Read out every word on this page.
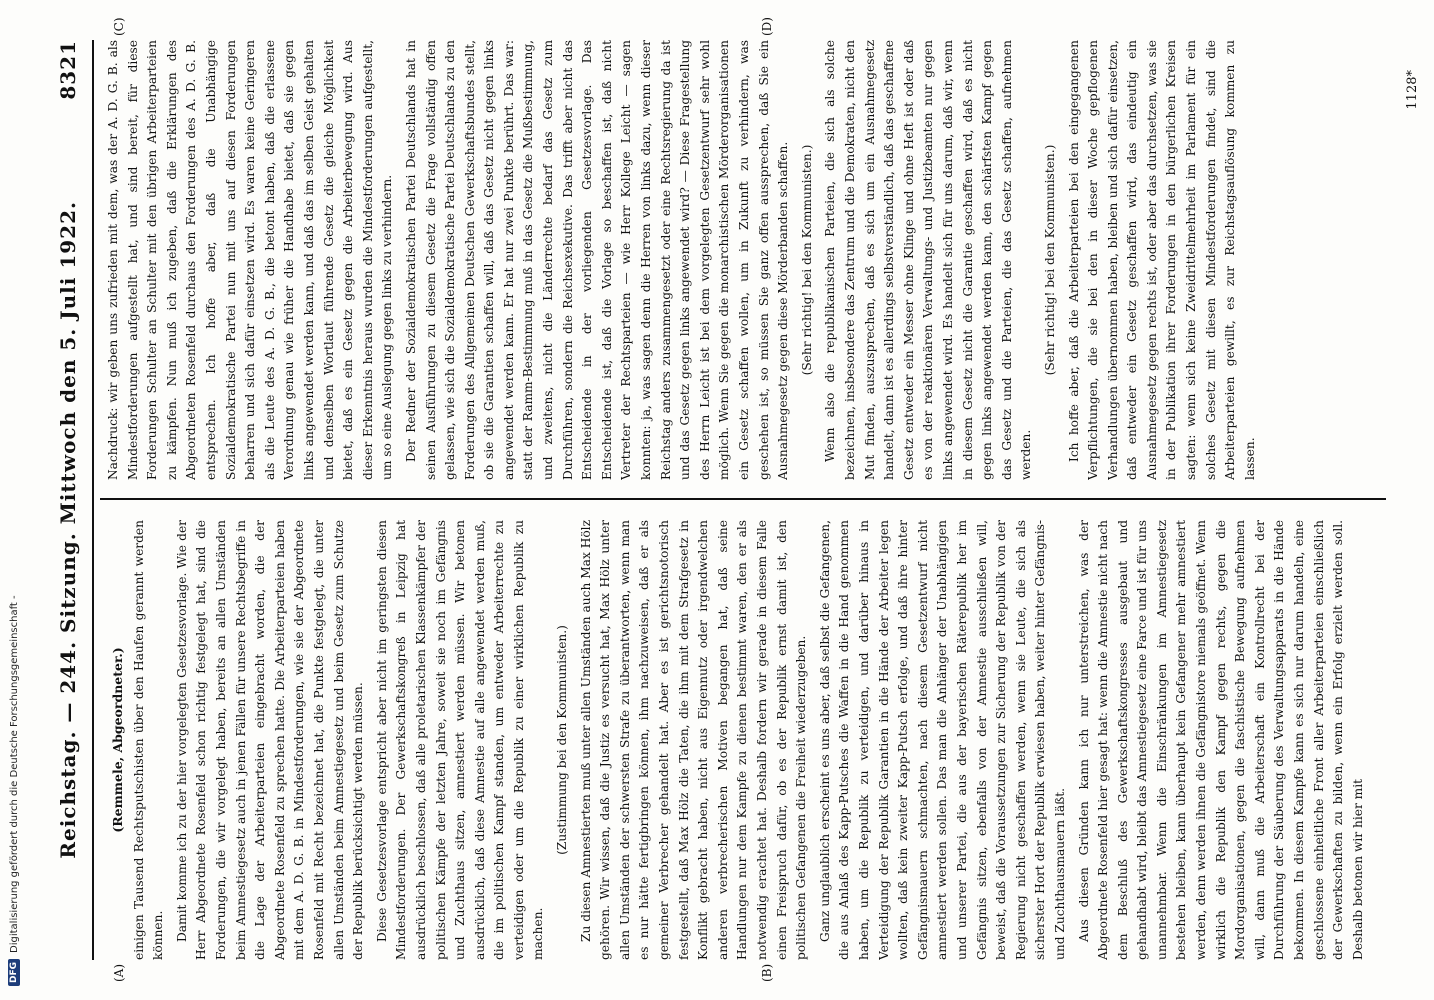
DFG
Digitalisierung gefördert durch die Deutsche Forschungsgemeinschaft - Reichstag. — 244. Sitzung. Mittwoch den 5. Juli 1922.
8321
(A)	(B)
(C)	(D)
(Remmele, Abgeordneter.) einigen Tausend Rechtsputschisten über den Haufen gerannt werden können. Damit komme ich zu der hier vorgelegten Gesetzesvorlage. Wie der Herr Abgeordnete Rosenfeld schon richtig festgelegt hat, sind die Forderungen, die wir vorgelegt haben, bereits an allen Umständen beim Amnestiegesetz auch in jenen Fällen für unsere Rechtsbegriffe in die Lage der Arbeiterparteien eingebracht worden, die der Abgeordnete Rosenfeld zu sprechen hatte. Die Arbeiterparteien haben mit dem A. D. G. B. in Mindestforderungen, wie sie der Abgeordnete Rosenfeld mit Recht bezeichnet hat, die Punkte festgelegt, die unter allen Umständen beim Amnestiegesetz und beim Gesetz zum Schutze der Republik berücksichtigt werden müssen. Diese Gesetzesvorlage entspricht aber nicht im geringsten diesen Mindestforderungen. Der Gewerkschaftskongreß in Leipzig hat ausdrücklich beschlossen, daß alle proletarischen Klassenkämpfer der politischen Kämpfe der letzten Jahre, soweit sie noch im Gefängnis und Zuchthaus sitzen, amnestiert werden müssen. Wir betonen ausdrücklich, daß diese Amnestie auf alle angewendet werden muß, die im politischen Kampf standen, um entweder Arbeiterrechte zu verteidigen oder um die Republik zu einer wirklichen Republik zu machen.

(Zustimmung bei den Kommunisten.) Zu diesen Amnestierten muß unter allen Umständen auch Max Hölz gehören. Wir wissen, daß die Justiz es versucht hat, Max Hölz unter allen Umständen der schwersten Strafe zu überantworten, wenn man es nur hätte fertigbringen können, ihm nachzuweisen, daß er als gemeiner Verbrecher gehandelt hat. Aber es ist gerichtsnotorisch festgestellt, daß Max Hölz die Taten, die ihm mit dem Strafgesetz in Konflikt gebracht haben, nicht aus Eigennutz oder irgendwelchen anderen verbrecherischen Motiven begangen hat, daß seine Handlungen nur dem Kampfe zu dienen bestimmt waren, den er als notwendig erachtet hat. Deshalb fordern wir gerade in diesem Falle einen Freispruch dafür, ob es der Republik ernst damit ist, den politischen Gefangenen die Freiheit wiederzugeben. Ganz unglaublich erscheint es uns aber, daß selbst die Gefangenen, die aus Anlaß des Kapp-Putsches die Waffen in die Hand genommen haben, um die Republik zu verteidigen, und darüber hinaus in Verteidigung der Republik Garantien in die Hände der Arbeiter legen wollten, daß kein zweiter Kapp-Putsch erfolge, und daß ihre hinter Gefängnismauern schmachten, nach diesem Gesetzentwurf nicht amnestiert werden sollen. Das man die Anhänger der Unabhängigen und unserer Partei, die aus der bayerischen Räterepublik her im Gefängnis sitzen, ebenfalls von der Amnestie ausschließen will, beweist, daß die Voraussetzungen zur Sicherung der Republik von der Regierung nicht geschaffen werden, wenn sie Leute, die sich als sicherster Hort der Republik erwiesen haben, weiter hinter Gefängnis- und Zuchthausmauern läßt. Aus diesen Gründen kann ich nur unterstreichen, was der Abgeordnete Rosenfeld hier gesagt hat: wenn die Amnestie nicht nach dem Beschluß des Gewerkschaftskongresses ausgebaut und gehandhabt wird, bleibt das Amnestiegesetz eine Farce und ist für uns unannehmbar. Wenn die Einschränkungen im Amnestiegesetz bestehen bleiben, kann überhaupt kein Gefangener mehr amnestiert werden, denn werden ihnen die Gefängnistore niemals geöffnet. Wenn wirklich die Republik den Kampf gegen rechts, gegen die Mordorganisationen, gegen die faschistische Bewegung aufnehmen will, dann muß die Arbeiterschaft ein Kontrollrecht bei der Durchführung der Säuberung des Verwaltungsapparats in die Hände bekommen. In diesem Kampfe kann es sich nur darum handeln, eine geschlossene einheitliche Front aller Arbeiterparteien einschließlich der Gewerkschaften zu bilden, wenn ein Erfolg erzielt werden soll. Deshalb betonen wir hier mit

Nachdruck: wir geben uns zufrieden mit dem, was der A. D. G. B. als Mindestforderungen aufgestellt hat, und sind bereit, für diese Forderungen Schulter an Schulter mit den übrigen Arbeiterparteien zu kämpfen. Nun muß ich zugeben, daß die Erklärungen des Abgeordneten Rosenfeld durchaus den Forderungen des A. D. G. B. entsprechen. Ich hoffe aber, daß die Unabhängige Sozialdemokratische Partei nun mit uns auf diesen Forderungen beharren und sich dafür einsetzen wird. Es waren keine Geringeren als die Leute des A. D. G. B., die betont haben, daß die erlassene Verordnung genau wie früher die Handhabe bietet, daß sie gegen links angewendet werden kann, und daß das im selben Geist gehalten und denselben Wortlaut führende Gesetz die gleiche Möglichkeit bietet, daß es ein Gesetz gegen die Arbeiterbewegung wird. Aus dieser Erkenntnis heraus wurden die Mindestforderungen aufgestellt, um so eine Auslegung gegen links zu verhindern. Der Redner der Sozialdemokratischen Partei Deutschlands hat in seinen Ausführungen zu diesem Gesetz die Frage vollständig offen gelassen, wie sich die Sozialdemokratische Partei Deutschlands zu den Forderungen des Allgemeinen Deutschen Gewerkschaftsbundes stellt, ob sie die Garantien schaffen will, daß das Gesetz nicht gegen links angewendet werden kann. Er hat nur zwei Punkte berührt. Das war: statt der Ramm-Bestimmung muß in das Gesetz die Mußbestimmung, und zweitens, nicht die Länderrechte bedarf das Gesetz zum Durchführen, sondern die Reichsexekutive. Das trifft aber nicht das Entscheidende in der vorliegenden Gesetzesvorlage. Das Entscheidende ist, daß die Vorlage so beschaffen ist, daß nicht Vertreter der Rechtsparteien — wie Herr Kollege Leicht — sagen konnten: ja, was sagen denn die Herren von links dazu, wenn dieser Reichstag anders zusammengesetzt oder eine Rechtsregierung da ist und das Gesetz gegen links angewendet wird? — Diese Fragestellung des Herrn Leicht ist bei dem vorgelegten Gesetzentwurf sehr wohl möglich. Wenn Sie gegen die monarchistischen Mörderorganisationen ein Gesetz schaffen wollen, um in Zukunft zu verhindern, was geschehen ist, so müssen Sie ganz offen aussprechen, daß Sie ein Ausnahmegesetz gegen diese Mörderbanden schaffen. (Sehr richtig! bei den Kommunisten.) Wenn also die republikanischen Parteien, die sich als solche bezeichnen, insbesondere das Zentrum und die Demokraten, nicht den Mut finden, auszusprechen, daß es sich um ein Ausnahmegesetz handelt, dann ist es allerdings selbstverständlich, daß das geschaffene Gesetz entweder ein Messer ohne Klinge und ohne Heft ist oder daß es von der reaktionären Verwaltungs- und Justizbeamten nur gegen links angewendet wird. Es handelt sich für uns darum, daß wir, wenn in diesem Gesetz nicht die Garantie geschaffen wird, daß es nicht gegen links angewendet werden kann, den schärfsten Kampf gegen das Gesetz und die Parteien, die das Gesetz schaffen, aufnehmen werden.

(Sehr richtig! bei den Kommunisten.) Ich hoffe aber, daß die Arbeiterparteien bei den eingegangenen Verpflichtungen, die sie bei den in dieser Woche gepflogenen Verhandlungen übernommen haben, bleiben und sich dafür einsetzen, daß entweder ein Gesetz geschaffen wird, das eindeutig ein Ausnahmegesetz gegen rechts ist, oder aber das durchsetzen, was sie in der Publikation ihrer Forderungen in den bürgerlichen Kreisen sagten: wenn sich keine Zweidrittelmehrheit im Parlament für ein solches Gesetz mit diesen Mindestforderungen findet, sind die Arbeiterparteien gewillt, es zur Reichstagsauflösung kommen zu lassen.

1128*
